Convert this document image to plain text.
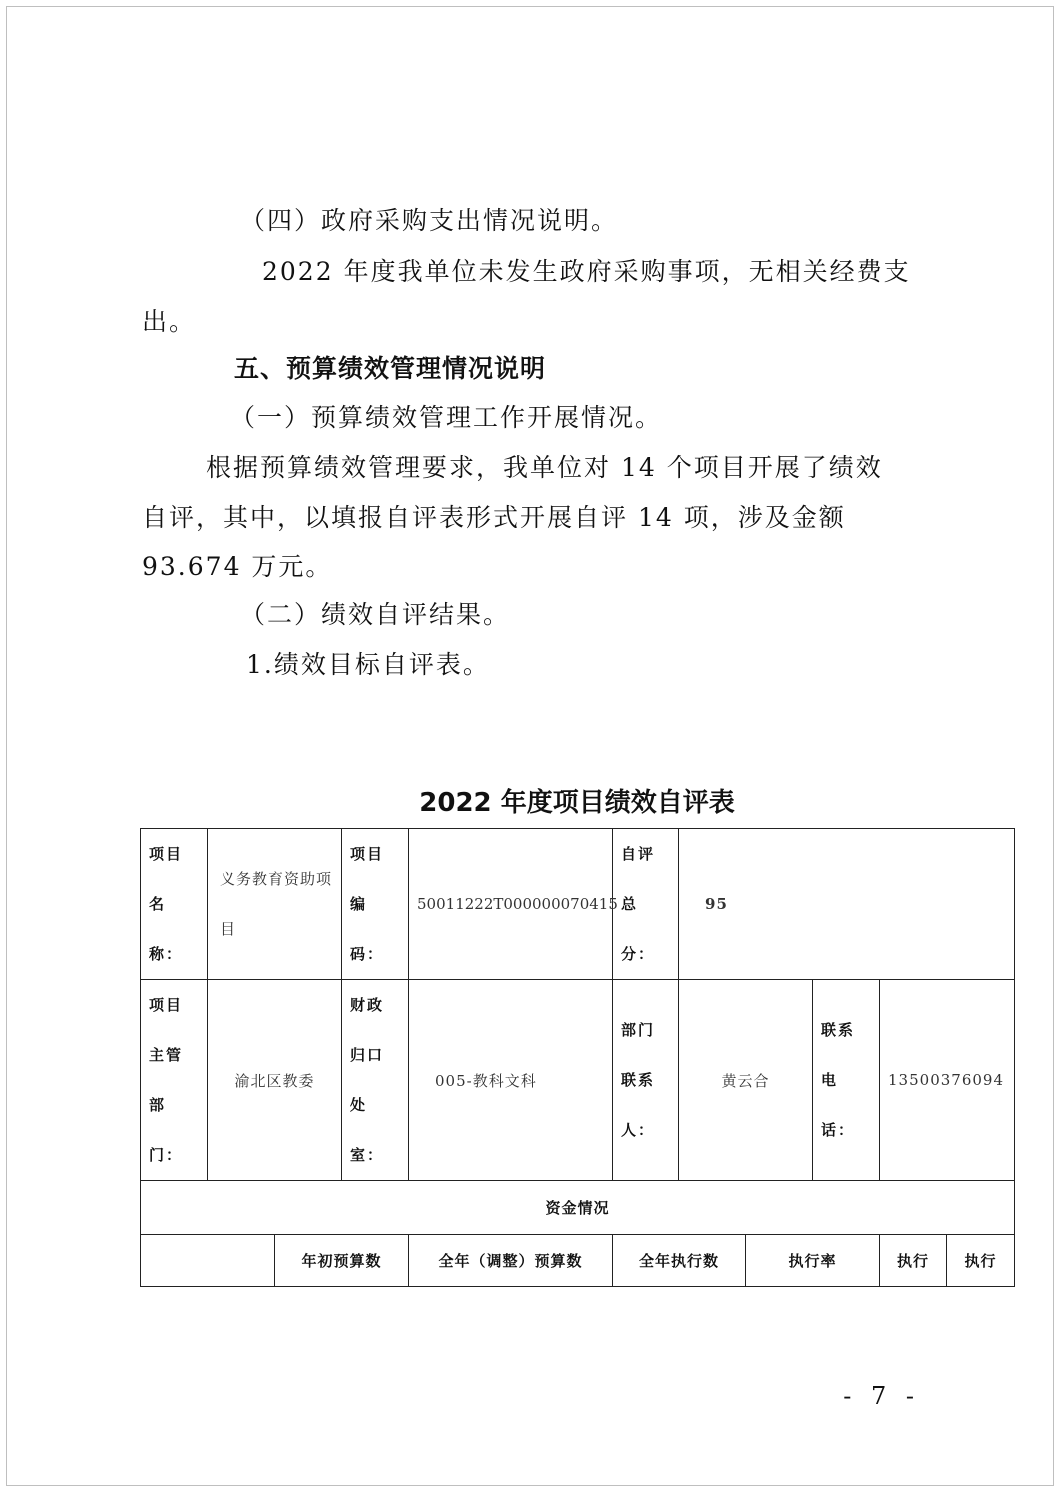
（四）政府采购支出情况说明。

2022 年度我单位未发生政府采购事项，无相关经费支

出。

五、预算绩效管理情况说明

（一）预算绩效管理工作开展情况。

根据预算绩效管理要求，我单位对 14 个项目开展了绩效

自评，其中，以填报自评表形式开展自评 14 项，涉及金额

93.674 万元。

（二）绩效自评结果。

1.绩效目标自评表。

2022 年度项目绩效自评表
项目名称：	义务教育资助项目		项目编码：	50011222T000000070415	自评总分：	95				
项目主管部门：	渝北区教委		财政归口处室：	005-教科文科	部门联系人：	黄云合		联系电话：	13500376094	
资金情况										
		年初预算数		全年（调整）预算数	全年执行数		执行率		执行	执行
- 7 -
